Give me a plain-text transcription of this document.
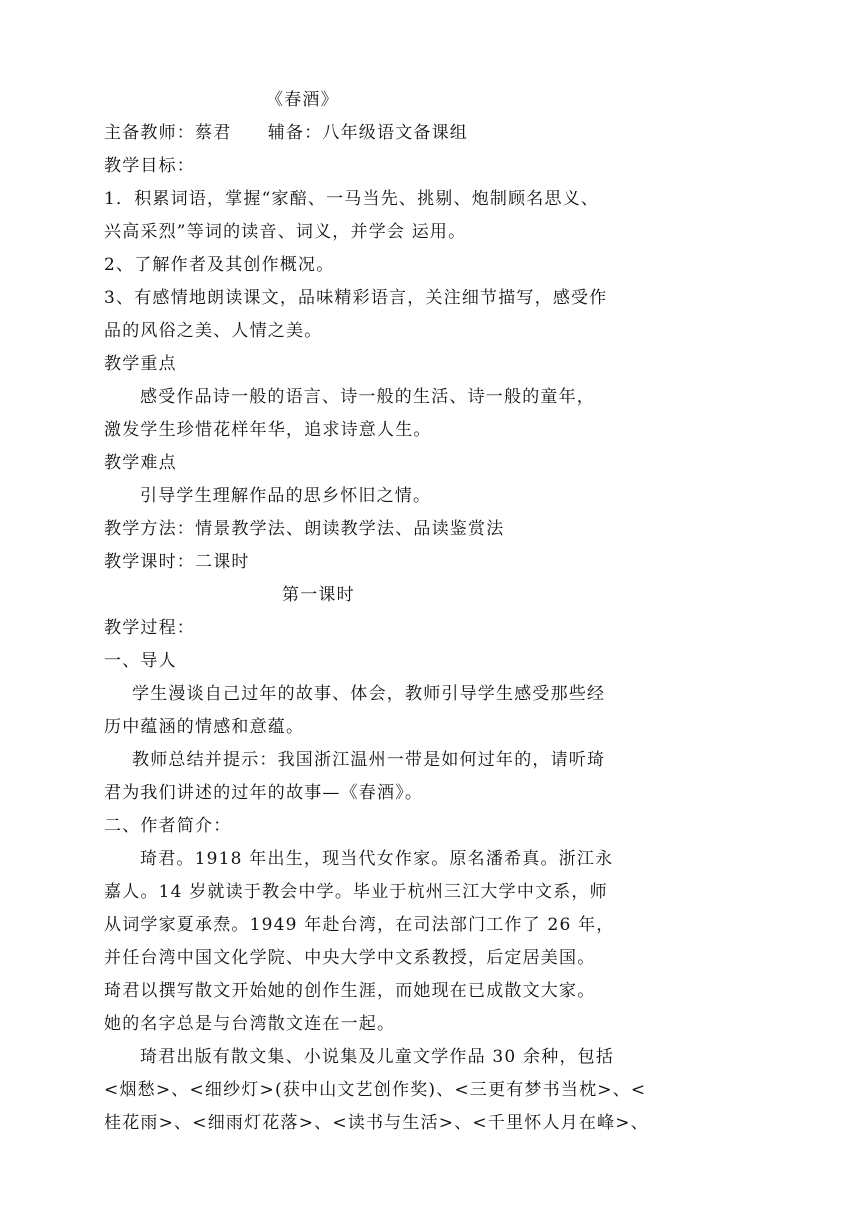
《春酒》
主备教师：蔡君　　辅备：八年级语文备课组
教学目标：
1．积累词语，掌握“家醅、一马当先、挑剔、炮制顾名思义、
兴高采烈”等词的读音、词义，并学会 运用。
2、了解作者及其创作概况。
3、有感情地朗读课文，品味精彩语言，关注细节描写，感受作
品的风俗之美、人情之美。
教学重点
感受作品诗一般的语言、诗一般的生活、诗一般的童年，
激发学生珍惜花样年华，追求诗意人生。
教学难点
引导学生理解作品的思乡怀旧之情。
教学方法：情景教学法、朗读教学法、品读鉴赏法
教学课时：二课时
第一课时
教学过程：
一、导人
学生漫谈自己过年的故事、体会，教师引导学生感受那些经
历中蕴涵的情感和意蕴。
教师总结并提示：我国浙江温州一带是如何过年的，请听琦
君为我们讲述的过年的故事—《春酒》。
二、作者简介：
琦君。1918 年出生，现当代女作家。原名潘希真。浙江永
嘉人。14 岁就读于教会中学。毕业于杭州三江大学中文系，师
从词学家夏承焘。1949 年赴台湾，在司法部门工作了 26 年，
并任台湾中国文化学院、中央大学中文系教授，后定居美国。
琦君以撰写散文开始她的创作生涯，而她现在已成散文大家。
她的名字总是与台湾散文连在一起。
琦君出版有散文集、小说集及儿童文学作品 30 余种，包括
<烟愁>、<细纱灯>(获中山文艺创作奖)、<三更有梦书当枕>、<
桂花雨>、<细雨灯花落>、<读书与生活>、<千里怀人月在峰>、
